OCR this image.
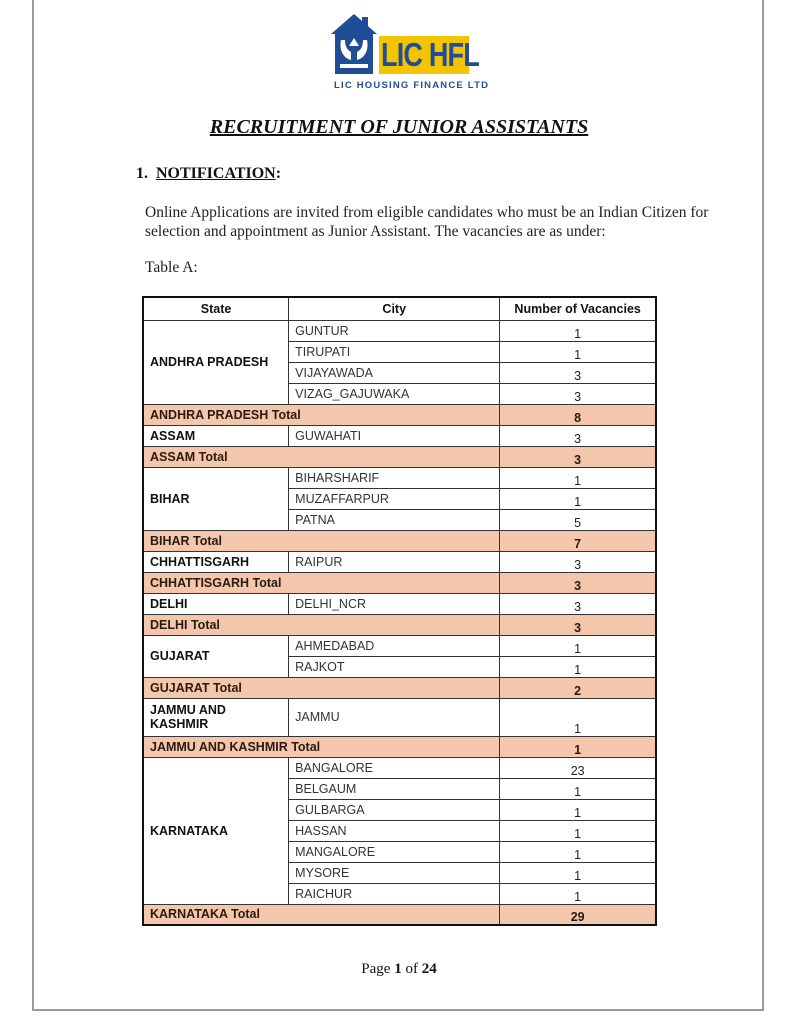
LIC HFL
LIC HOUSING FINANCE LTD
RECRUITMENT OF JUNIOR ASSISTANTS
1. NOTIFICATION:
Online Applications are invited from eligible candidates who must be an Indian Citizen for selection and appointment as Junior Assistant. The vacancies are as under:
Table A:
State	City	Number of Vacancies
ANDHRA PRADESH	GUNTUR	1
	TIRUPATI	1
	VIJAYAWADA	3
	VIZAG_GAJUWAKA	3
ANDHRA PRADESH Total		8
ASSAM	GUWAHATI	3
ASSAM Total		3
BIHAR	BIHARSHARIF	1
	MUZAFFARPUR	1
	PATNA	5
BIHAR Total		7
CHHATTISGARH	RAIPUR	3
CHHATTISGARH Total		3
DELHI	DELHI_NCR	3
DELHI Total		3
GUJARAT	AHMEDABAD	1
	RAJKOT	1
GUJARAT Total		2
JAMMU AND KASHMIR	JAMMU	1
JAMMU AND KASHMIR Total		1
KARNATAKA	BANGALORE	23
	BELGAUM	1
	GULBARGA	1
	HASSAN	1
	MANGALORE	1
	MYSORE	1
	RAICHUR	1
KARNATAKA Total		29
Page 1 of 24
